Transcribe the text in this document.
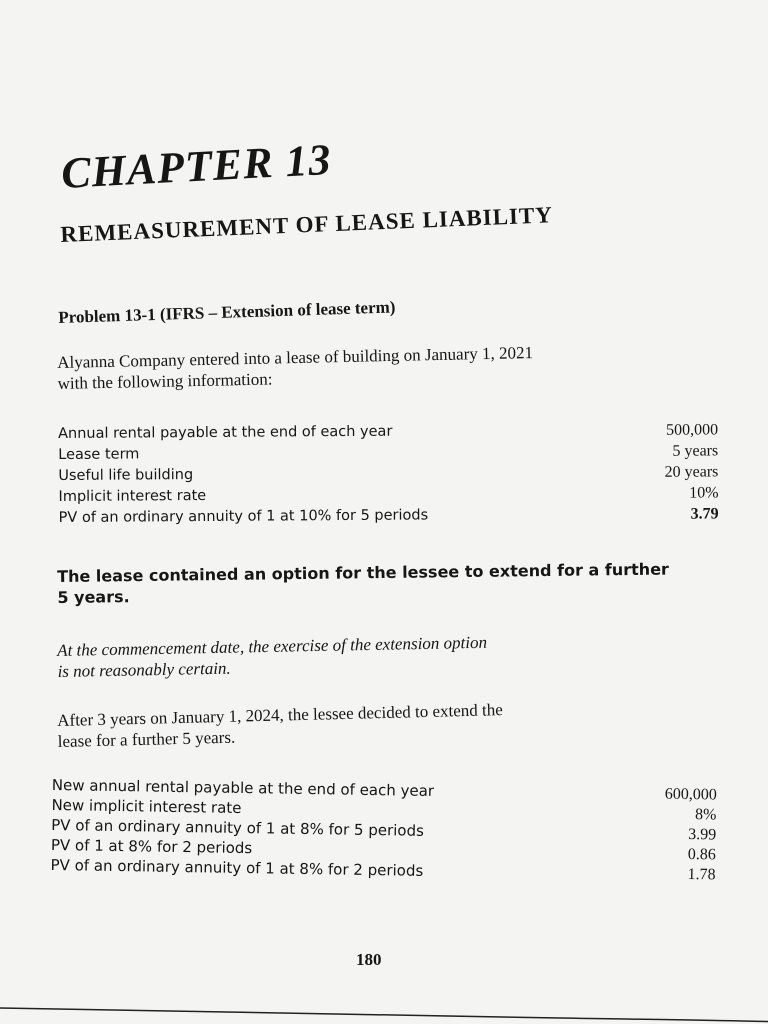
CHAPTER 13
REMEASUREMENT OF LEASE LIABILITY
Problem 13-1 (IFRS – Extension of lease term)
Alyanna Company entered into a lease of building on January 1, 2021
with the following information:
Annual rental payable at the end of each year	500,000
Lease term	5 years
Useful life building	20 years
Implicit interest rate	10%
PV of an ordinary annuity of 1 at 10% for 5 periods	3.79
The lease contained an option for the lessee to extend for a further
5 years.
At the commencement date, the exercise of the extension option
is not reasonably certain.
After 3 years on January 1, 2024, the lessee decided to extend the
lease for a further 5 years.
New annual rental payable at the end of each year	600,000
New implicit interest rate	8%
PV of an ordinary annuity of 1 at 8% for 5 periods	3.99
PV of 1 at 8% for 2 periods	0.86
PV of an ordinary annuity of 1 at 8% for 2 periods	1.78
180
